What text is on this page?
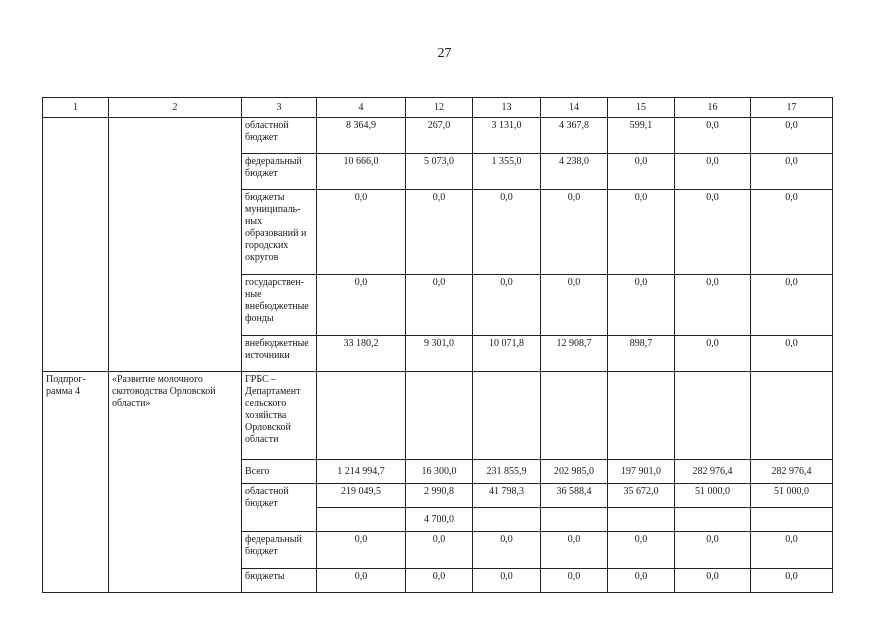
27
1	2	3	4	12	13	14	15	16	17
		областной бюджет	8 364,9	267,0	3 131,0	4 367,8	599,1	0,0	0,0
		федеральный бюджет	10 666,0	5 073,0	1 355,0	4 238,0	0,0	0,0	0,0
		бюджеты муниципаль-ных образований и городских округов	0,0	0,0	0,0	0,0	0,0	0,0	0,0
		государствен-ные внебюджетные фонды	0,0	0,0	0,0	0,0	0,0	0,0	0,0
		внебюджетные источники	33 180,2	9 301,0	10 071,8	12 908,7	898,7	0,0	0,0
Подпрог-рамма 4	«Развитие молочного скотоводства Орловской области»	ГРБС – Департамент сельского хозяйства Орловской области							
		Всего	1 214 994,7	16 300,0	231 855,9	202 985,0	197 901,0	282 976,4	282 976,4
		областной бюджет	219 049,5	2 990,8	41 798,3	36 588,4	35 672,0	51 000,0	51 000,0
				4 700,0					
		федеральный бюджет	0,0	0,0	0,0	0,0	0,0	0,0	0,0
		бюджеты	0,0	0,0	0,0	0,0	0,0	0,0	0,0
